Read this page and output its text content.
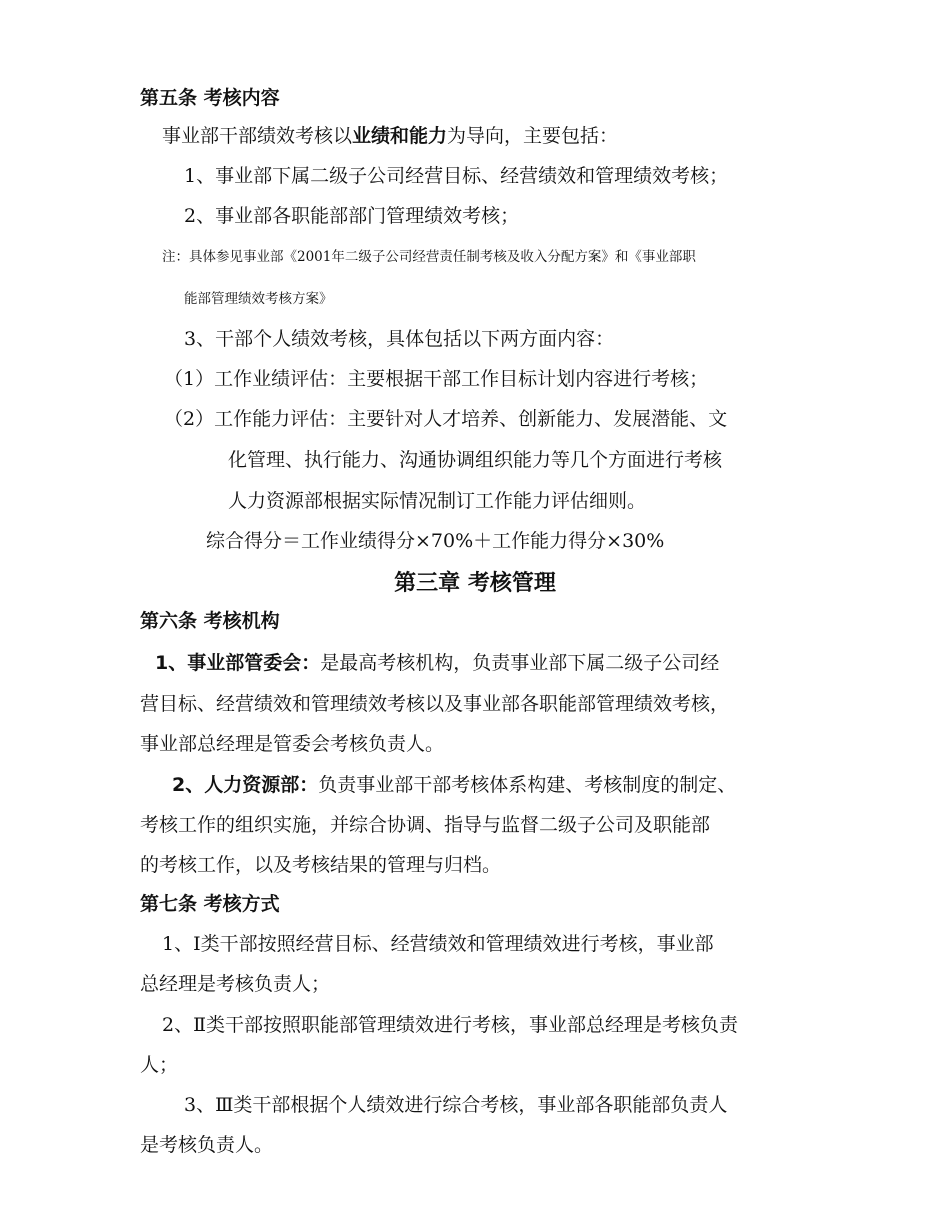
第五条 考核内容
事业部干部绩效考核以业绩和能力为导向，主要包括：
1、事业部下属二级子公司经营目标、经营绩效和管理绩效考核；
2、事业部各职能部部门管理绩效考核；
注：具体参见事业部《2001年二级子公司经营责任制考核及收入分配方案》和《事业部职
能部管理绩效考核方案》
3、干部个人绩效考核，具体包括以下两方面内容：
（1）工作业绩评估：主要根据干部工作目标计划内容进行考核；
（2）工作能力评估：主要针对人才培养、创新能力、发展潜能、文
化管理、执行能力、沟通协调组织能力等几个方面进行考核
人力资源部根据实际情况制订工作能力评估细则。
综合得分＝工作业绩得分×70%＋工作能力得分×30%
第三章 考核管理
第六条 考核机构
1、事业部管委会：是最高考核机构，负责事业部下属二级子公司经
营目标、经营绩效和管理绩效考核以及事业部各职能部管理绩效考核，
事业部总经理是管委会考核负责人。
2、人力资源部：负责事业部干部考核体系构建、考核制度的制定、
考核工作的组织实施，并综合协调、指导与监督二级子公司及职能部
的考核工作，以及考核结果的管理与归档。
第七条 考核方式
1、Ⅰ类干部按照经营目标、经营绩效和管理绩效进行考核，事业部
总经理是考核负责人；
2、Ⅱ类干部按照职能部管理绩效进行考核，事业部总经理是考核负责
人；
3、Ⅲ类干部根据个人绩效进行综合考核，事业部各职能部负责人
是考核负责人。
